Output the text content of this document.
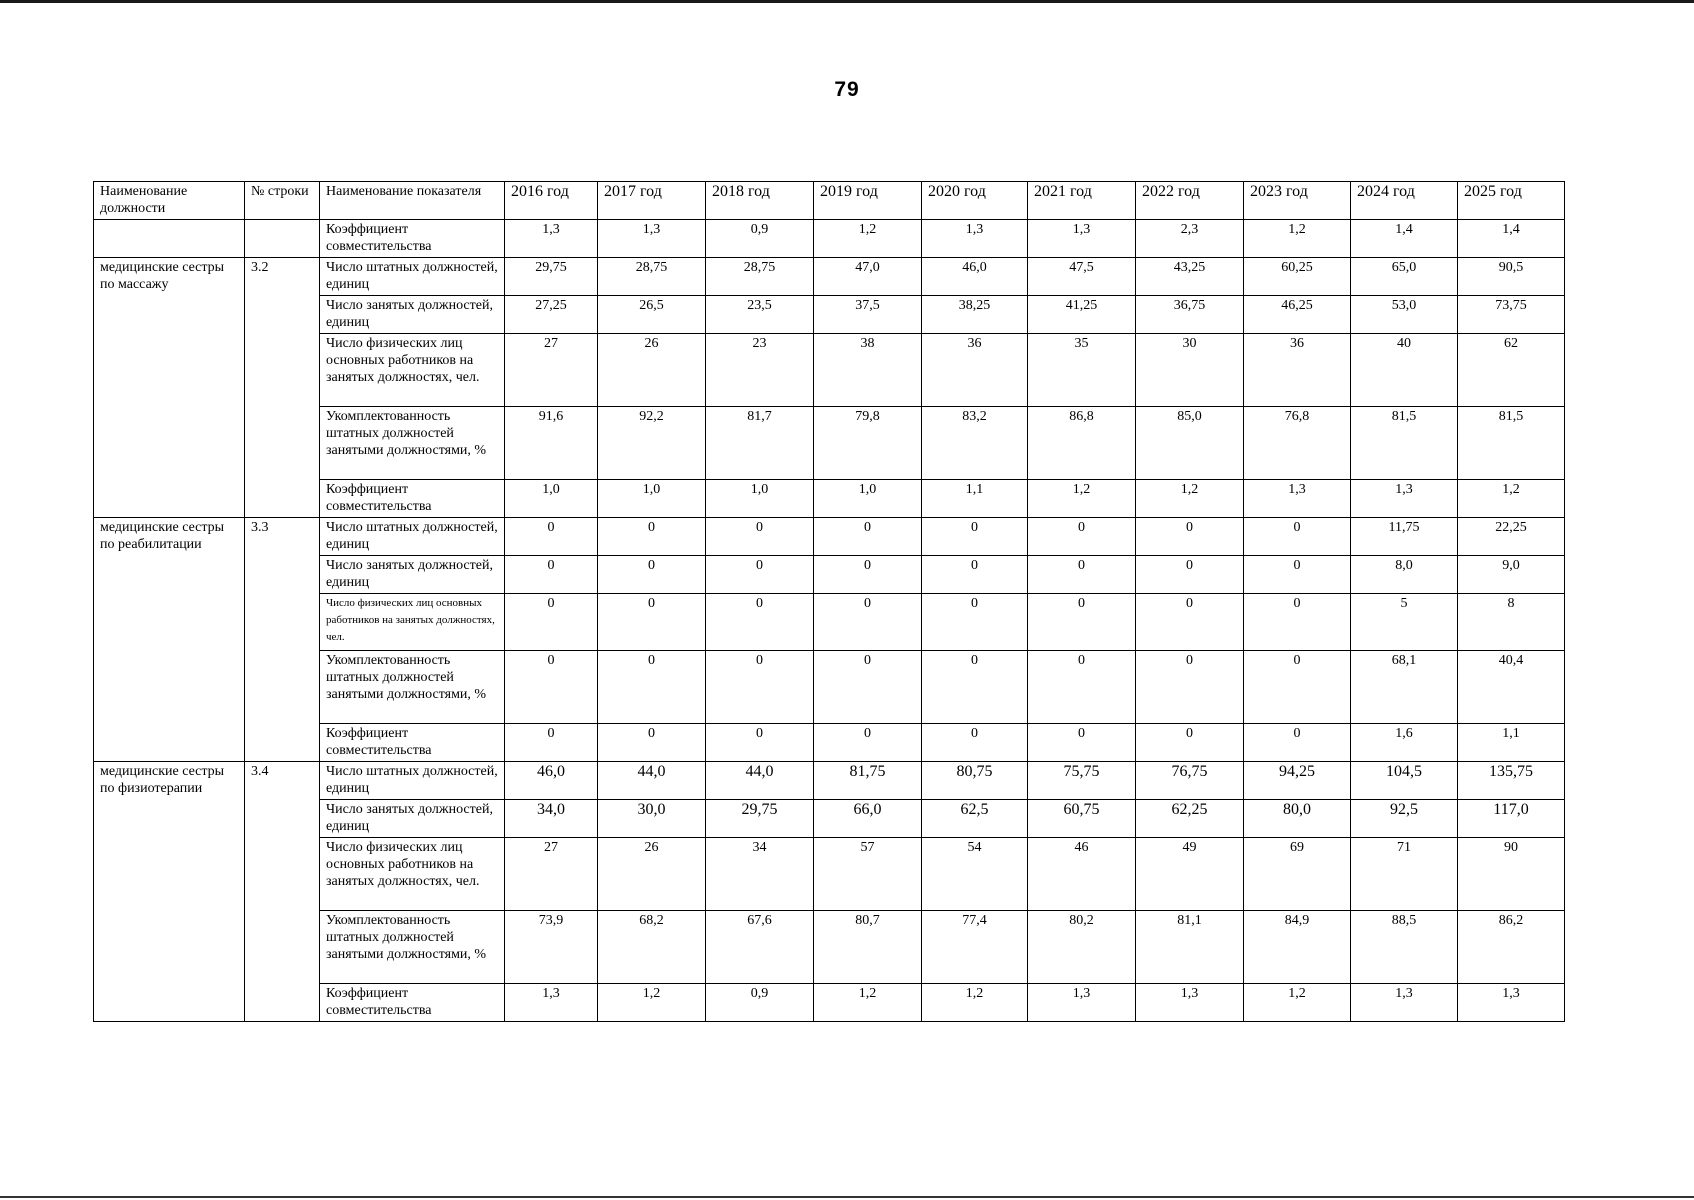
79
Наименование должности	№ строки	Наименование показателя	2016 год	2017 год	2018 год	2019 год	2020 год	2021 год	2022 год	2023 год	2024 год	2025 год
		Коэффициент совместительства	1,3	1,3	0,9	1,2	1,3	1,3	2,3	1,2	1,4	1,4
медицинские сестры по массажу	3.2	Число штатных должностей, единиц	29,75	28,75	28,75	47,0	46,0	47,5	43,25	60,25	65,0	90,5
		Число занятых должностей, единиц	27,25	26,5	23,5	37,5	38,25	41,25	36,75	46,25	53,0	73,75
		Число физических лиц основных работников на занятых должностях, чел.	27	26	23	38	36	35	30	36	40	62
		Укомплектованность штатных должностей занятыми должностями, %	91,6	92,2	81,7	79,8	83,2	86,8	85,0	76,8	81,5	81,5
		Коэффициент совместительства	1,0	1,0	1,0	1,0	1,1	1,2	1,2	1,3	1,3	1,2
медицинские сестры по реабилитации	3.3	Число штатных должностей, единиц	0	0	0	0	0	0	0	0	11,75	22,25
		Число занятых должностей, единиц	0	0	0	0	0	0	0	0	8,0	9,0
		Число физических лиц основных работников на занятых должностях, чел.	0	0	0	0	0	0	0	0	5	8
		Укомплектованность штатных должностей занятыми должностями, %	0	0	0	0	0	0	0	0	68,1	40,4
		Коэффициент совместительства	0	0	0	0	0	0	0	0	1,6	1,1
медицинские сестры по физиотерапии	3.4	Число штатных должностей, единиц	46,0	44,0	44,0	81,75	80,75	75,75	76,75	94,25	104,5	135,75
		Число занятых должностей, единиц	34,0	30,0	29,75	66,0	62,5	60,75	62,25	80,0	92,5	117,0
		Число физических лиц основных работников на занятых должностях, чел.	27	26	34	57	54	46	49	69	71	90
		Укомплектованность штатных должностей занятыми должностями, %	73,9	68,2	67,6	80,7	77,4	80,2	81,1	84,9	88,5	86,2
		Коэффициент совместительства	1,3	1,2	0,9	1,2	1,2	1,3	1,3	1,2	1,3	1,3
